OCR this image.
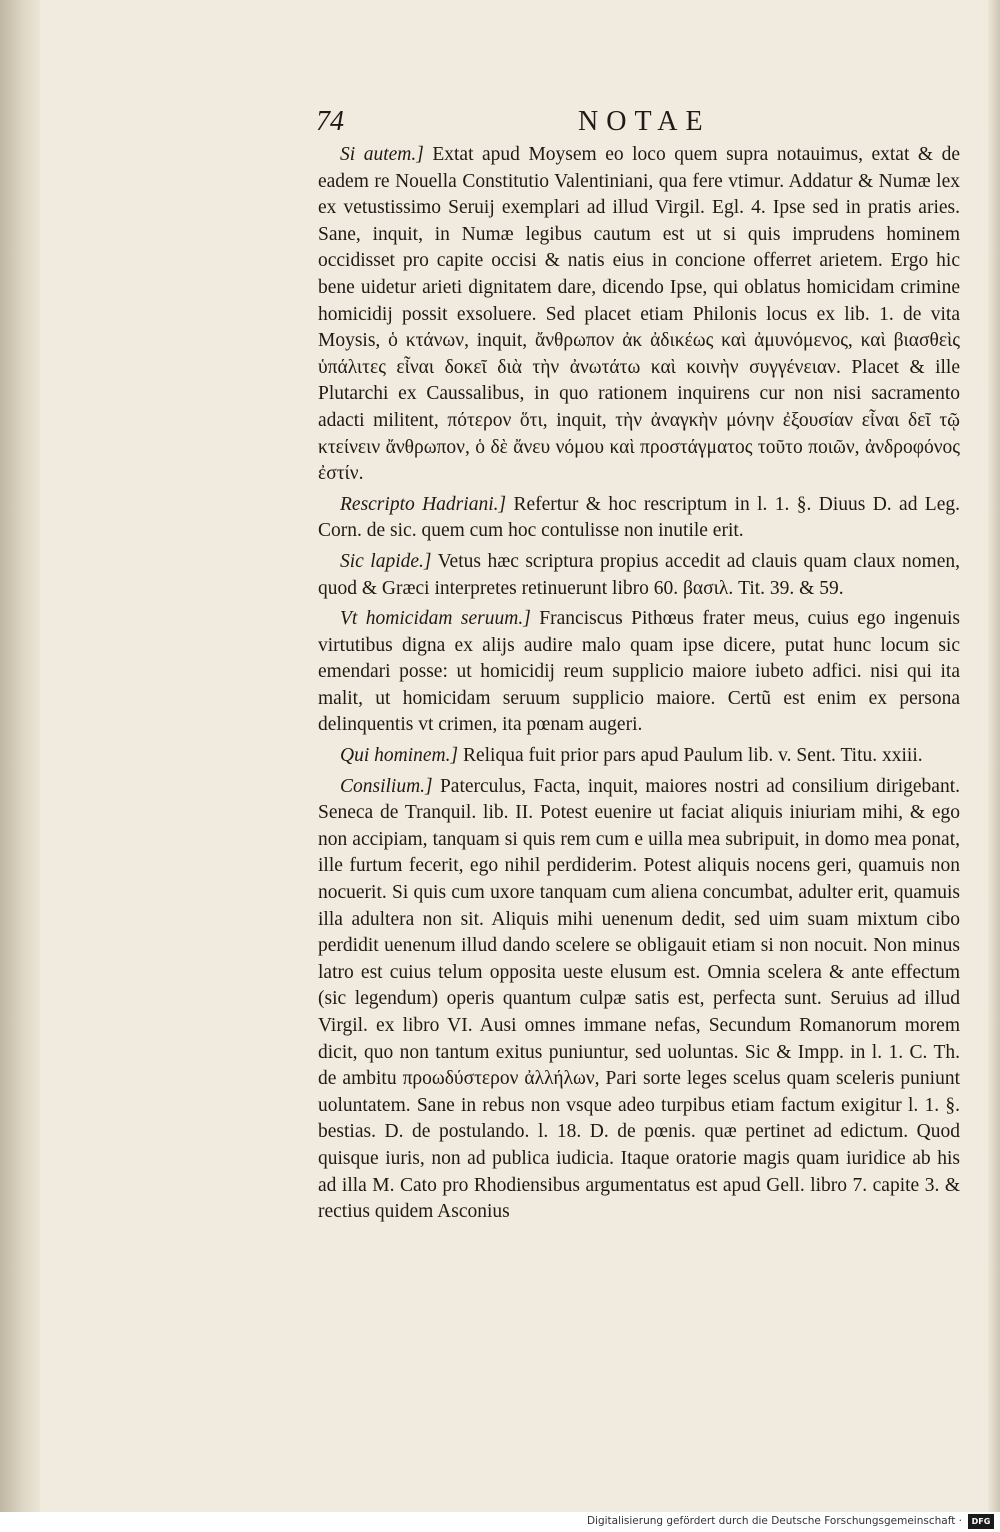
74	NOTAE

Si autem.] Extat apud Moysem eo loco quem supra notauimus, extat & de eadem re Nouella Constitutio Valentiniani, qua fere vtimur. Addatur & Numæ lex ex vetustissimo Seruij exemplari ad illud Virgil. Egl. 4. Ipse sed in pratis aries. Sane, inquit, in Numæ legibus cautum est ut si quis imprudens hominem occidisset pro capite occisi & natis eius in concione offerret arietem. Ergo hic bene uidetur arieti dignitatem dare, dicendo Ipse, qui oblatus homicidam crimine homicidij possit exsoluere. Sed placet etiam Philonis locus ex lib. 1. de vita Moysis, ὁ κτάνων, inquit, ἄνθρωπον ἀκ ἀδικέως καὶ ἀμυνόμενος, καὶ βιασθεὶς ὑπάλιτες εἶναι δοκεῖ διὰ τὴν ἀνωτάτω καὶ κοινὴν συγγένειαν. Placet & ille Plutarchi ex Caussalibus, in quo rationem inquirens cur non nisi sacramento adacti militent, πότερον ὅτι, inquit, τὴν ἀναγκὴν μόνην ἐξουσίαν εἶναι δεῖ τῷ κτείνειν ἄνθρωπον, ὁ δὲ ἄνευ νόμου καὶ προστάγματος τοῦτο ποιῶν, ἀνδροφόνος ἐστίν.

Rescripto Hadriani.] Refertur & hoc rescriptum in l. 1. §. Diuus D. ad Leg. Corn. de sic. quem cum hoc contulisse non inutile erit.

Sic lapide.] Vetus hæc scriptura propius accedit ad clauis quam claux nomen, quod & Græci interpretes retinuerunt libro 60. βασιλ. Tit. 39. & 59.

Vt homicidam seruum.] Franciscus Pithœus frater meus, cuius ego ingenuis virtutibus digna ex alijs audire malo quam ipse dicere, putat hunc locum sic emendari posse: ut homicidij reum supplicio maiore iubeto adfici. nisi qui ita malit, ut homicidam seruum supplicio maiore. Certũ est enim ex persona delinquentis vt crimen, ita pœnam augeri.

Qui hominem.] Reliqua fuit prior pars apud Paulum lib. v. Sent. Titu. xxiii.

Consilium.] Paterculus, Facta, inquit, maiores nostri ad consilium dirigebant. Seneca de Tranquil. lib. II. Potest euenire ut faciat aliquis iniuriam mihi, & ego non accipiam, tanquam si quis rem cum e uilla mea subripuit, in domo mea ponat, ille furtum fecerit, ego nihil perdiderim. Potest aliquis nocens geri, quamuis non nocuerit. Si quis cum uxore tanquam cum aliena concumbat, adulter erit, quamuis illa adultera non sit. Aliquis mihi uenenum dedit, sed uim suam mixtum cibo perdidit uenenum illud dando scelere se obligauit etiam si non nocuit. Non minus latro est cuius telum opposita ueste elusum est. Omnia scelera & ante effectum (sic legendum) operis quantum culpæ satis est, perfecta sunt. Seruius ad illud Virgil. ex libro VI. Ausi omnes immane nefas, Secundum Romanorum morem dicit, quo non tantum exitus puniuntur, sed uoluntas. Sic & Impp. in l. 1. C. Th. de ambitu προωδύστερον ἀλλήλων, Pari sorte leges scelus quam sceleris puniunt uoluntatem. Sane in rebus non vsque adeo turpibus etiam factum exigitur l. 1. §. bestias. D. de postulando. l. 18. D. de pœnis. quæ pertinet ad edictum. Quod quisque iuris, non ad publica iudicia. Itaque oratorie magis quam iuridice ab his ad illa M. Cato pro Rhodiensibus argumentatus est apud Gell. libro 7. capite 3. & rectius quidem Asconius

Digitalisierung gefördert durch die Deutsche Forschungsgemeinschaft ·	DFG
